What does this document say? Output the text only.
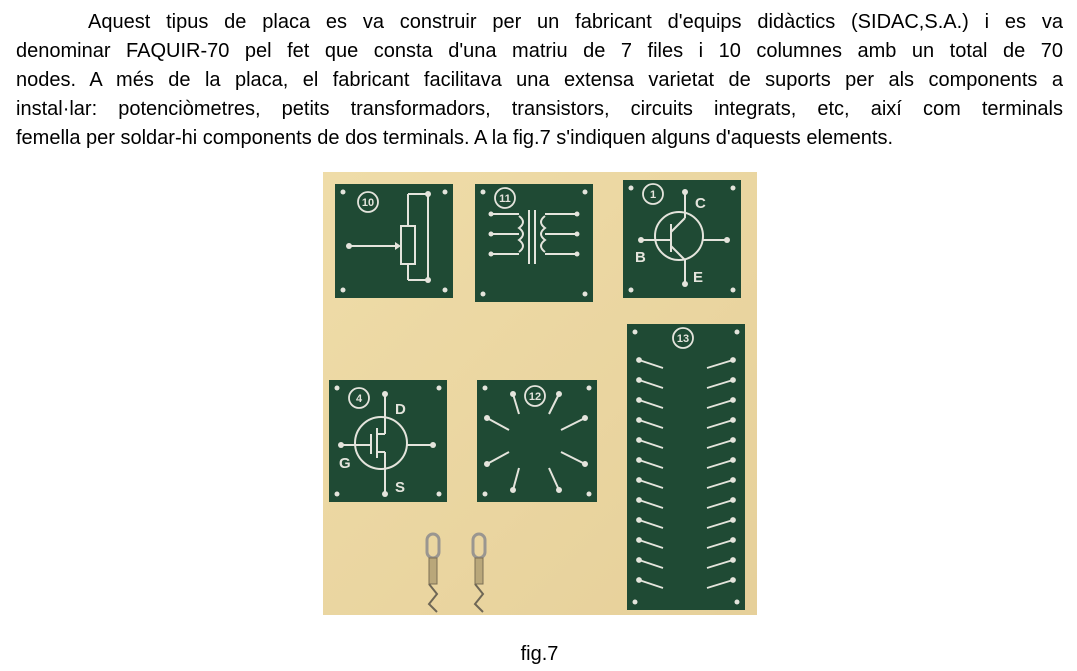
Aquest tipus de placa es va construir per un fabricant d'equips didàctics (SIDAC,S.A.) i es va
denominar FAQUIR-70 pel fet que consta d'una matriu de 7 files i 10 columnes amb un total de 70
nodes. A més de la placa, el fabricant facilitava una extensa varietat de suports per als components a
instal·lar: potenciòmetres, petits transformadors, transistors, circuits integrats, etc, així com terminals
femella per soldar-hi components de dos terminals. A la fig.7 s'indiquen alguns d'aquests elements.
10	11	1	C
B
E
4
D
G
S
12
13
fig.7
